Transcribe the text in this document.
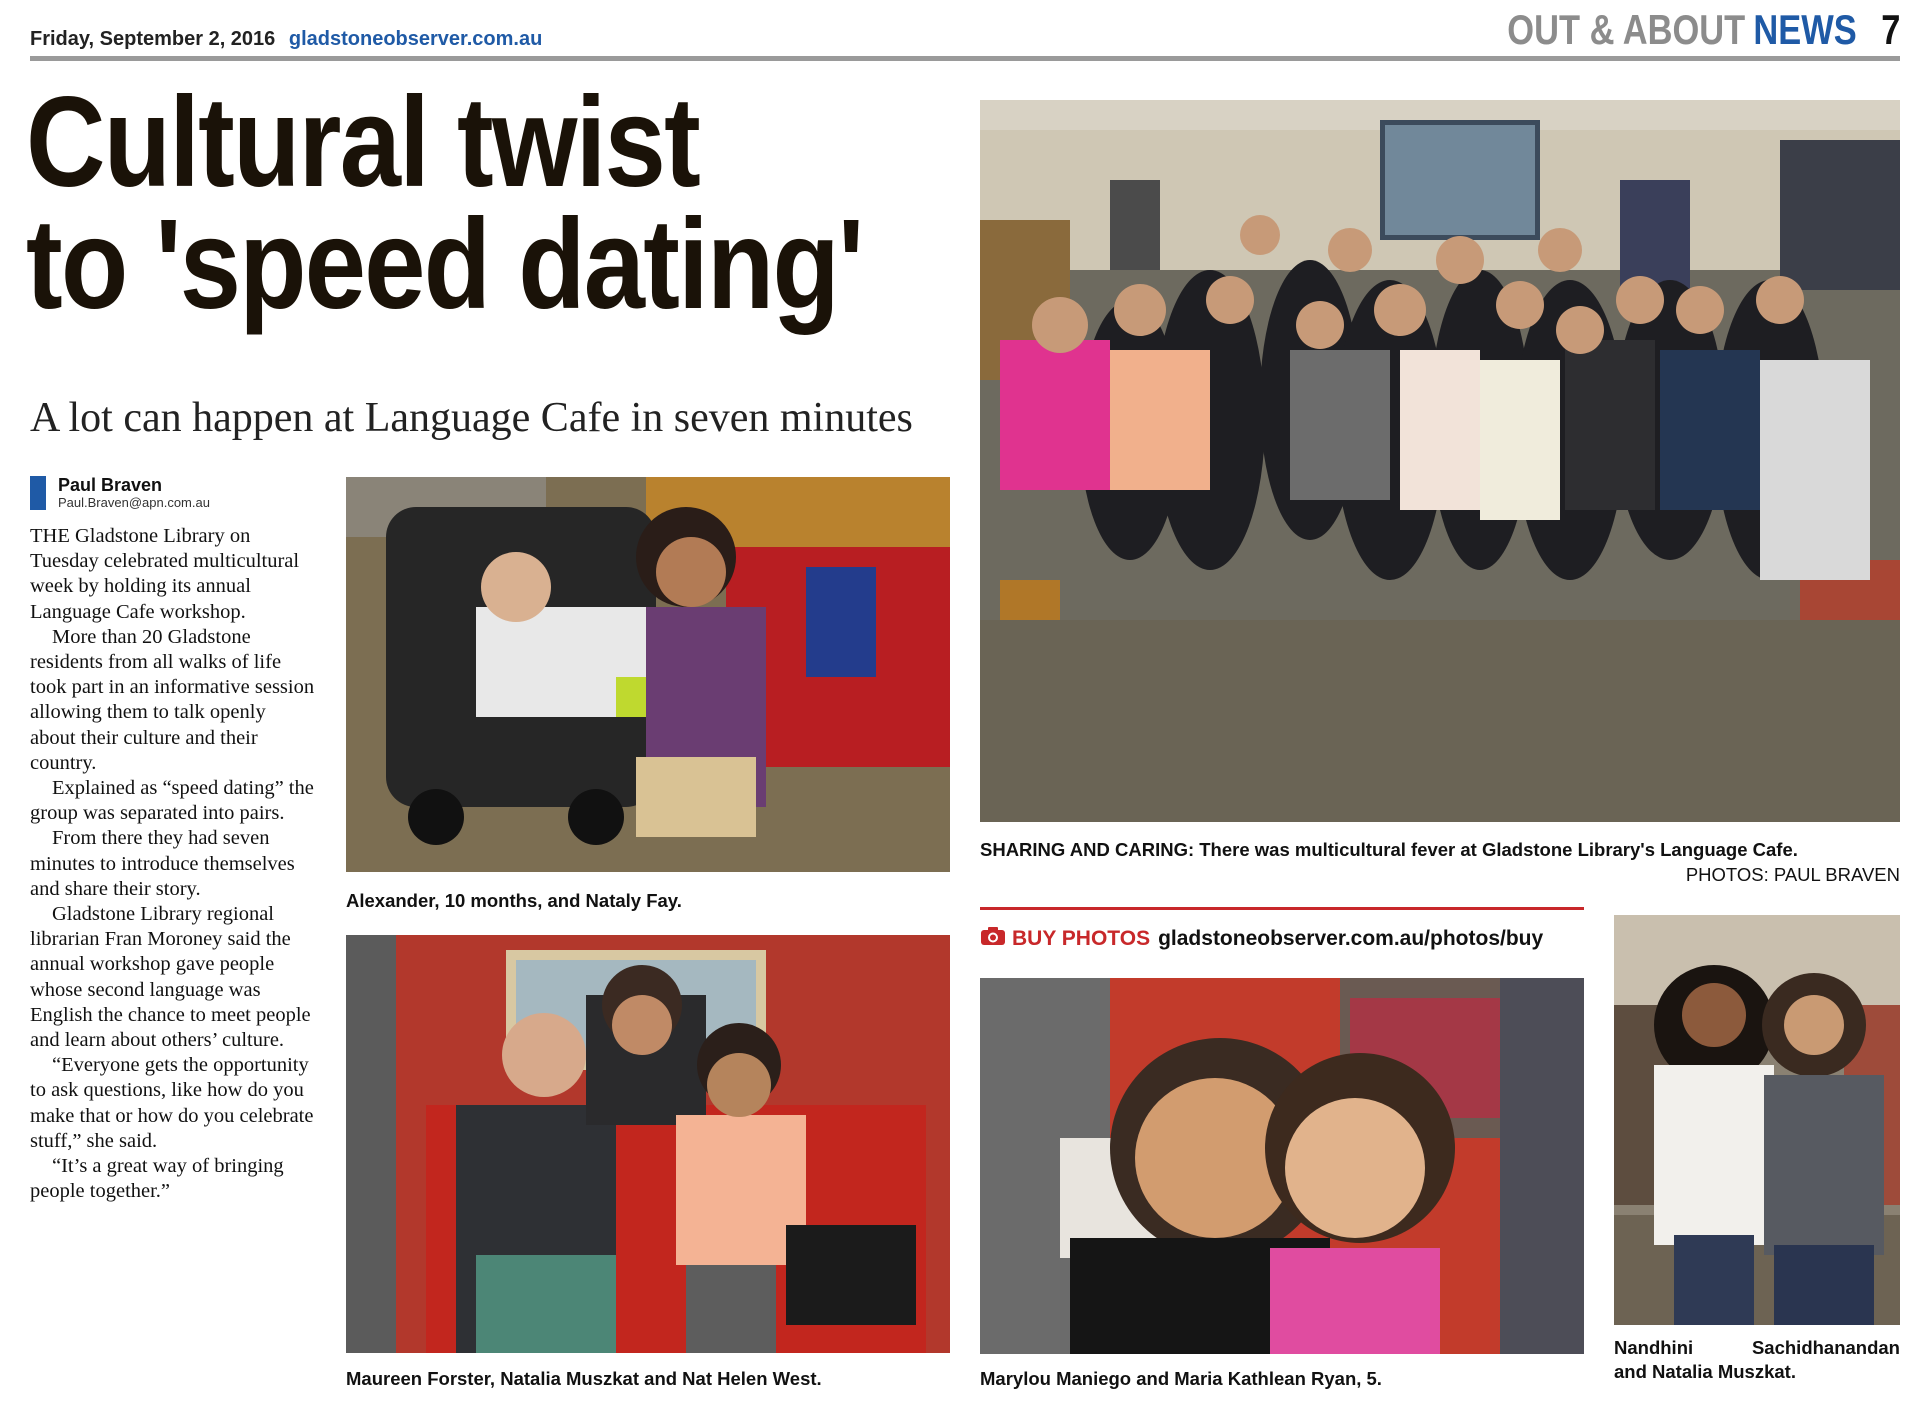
Friday, September 2, 2016 gladstoneobserver.com.au	OUT & ABOUT NEWS 7
Cultural twist
to 'speed dating'
A lot can happen at Language Cafe in seven minutes
Paul Braven
Paul.Braven@apn.com.au

THE Gladstone Library on Tuesday celebrated multicultural week by holding its annual Language Cafe workshop.

More than 20 Gladstone residents from all walks of life took part in an informative session allowing them to talk openly about their culture and their country.

Explained as “speed dating” the group was separated into pairs.

From there they had seven minutes to introduce themselves and share their story.

Gladstone Library regional librarian Fran Moroney said the annual workshop gave people whose second language was English the chance to meet people and learn about others’ culture.

“Everyone gets the opportunity to ask questions, like how do you make that or how do you celebrate stuff,” she said.

“It’s a great way of bringing people together.”

Alexander, 10 months, and Nataly Fay.
Maureen Forster, Natalia Muszkat and Nat Helen West.	Marylou Maniego and Maria Kathlean Ryan, 5.
SHARING AND CARING: There was multicultural fever at Gladstone Library's Language Cafe.
PHOTOS: PAUL BRAVEN
Nandhini Sachidhanandan
and Natalia Muszkat.
BUY PHOTOS gladstoneobserver.com.au/photos/buy
